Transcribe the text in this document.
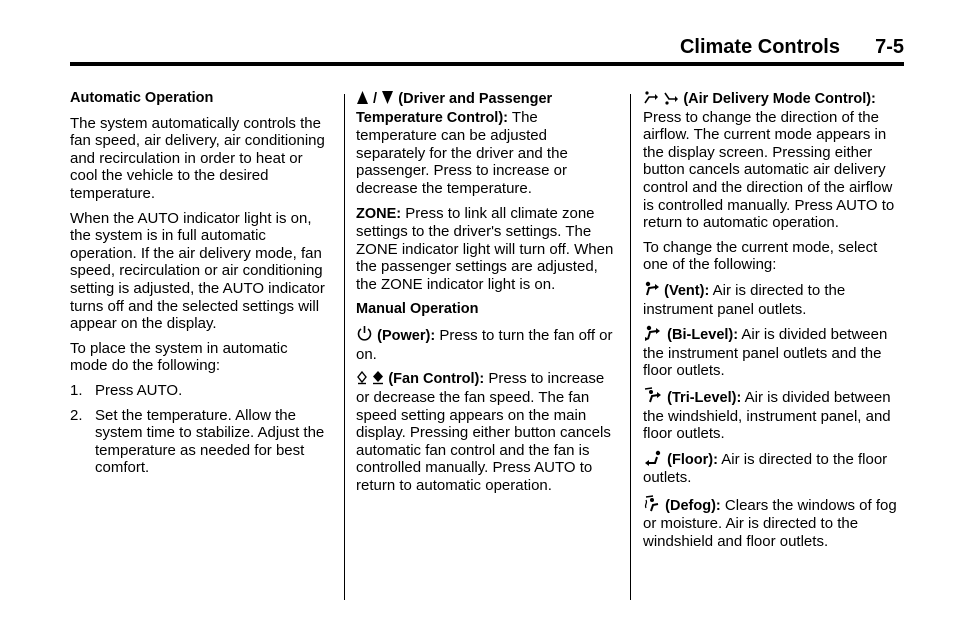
Climate Controls 7-5

Automatic Operation

The system automatically controls the fan speed, air delivery, air conditioning and recirculation in order to heat or cool the vehicle to the desired temperature.

When the AUTO indicator light is on, the system is in full automatic operation. If the air delivery mode, fan speed, recirculation or air conditioning setting is adjusted, the AUTO indicator turns off and the selected settings will appear on the display.

To place the system in automatic mode do the following:

1. Press AUTO.
2. Set the temperature. Allow the system time to stabilize. Adjust the temperature as needed for best comfort.

/  (Driver and Passenger Temperature Control): The temperature can be adjusted separately for the driver and the passenger. Press to increase or decrease the temperature.

ZONE: Press to link all climate zone settings to the driver's settings. The ZONE indicator light will turn off. When the passenger settings are adjusted, the ZONE indicator light is on.

Manual Operation

(Power): Press to turn the fan off or on.

(Fan Control): Press to increase or decrease the fan speed. The fan speed setting appears on the main display. Pressing either button cancels automatic fan control and the fan is controlled manually. Press AUTO to return to automatic operation.

(Air Delivery Mode Control): Press to change the direction of the airflow. The current mode appears in the display screen. Pressing either button cancels automatic air delivery control and the direction of the airflow is controlled manually. Press AUTO to return to automatic operation.

To change the current mode, select one of the following:

(Vent): Air is directed to the instrument panel outlets.

(Bi-Level): Air is divided between the instrument panel outlets and the floor outlets.

(Tri-Level): Air is divided between the windshield, instrument panel, and floor outlets.

(Floor): Air is directed to the floor outlets.

(Defog): Clears the windows of fog or moisture. Air is directed to the windshield and floor outlets.
